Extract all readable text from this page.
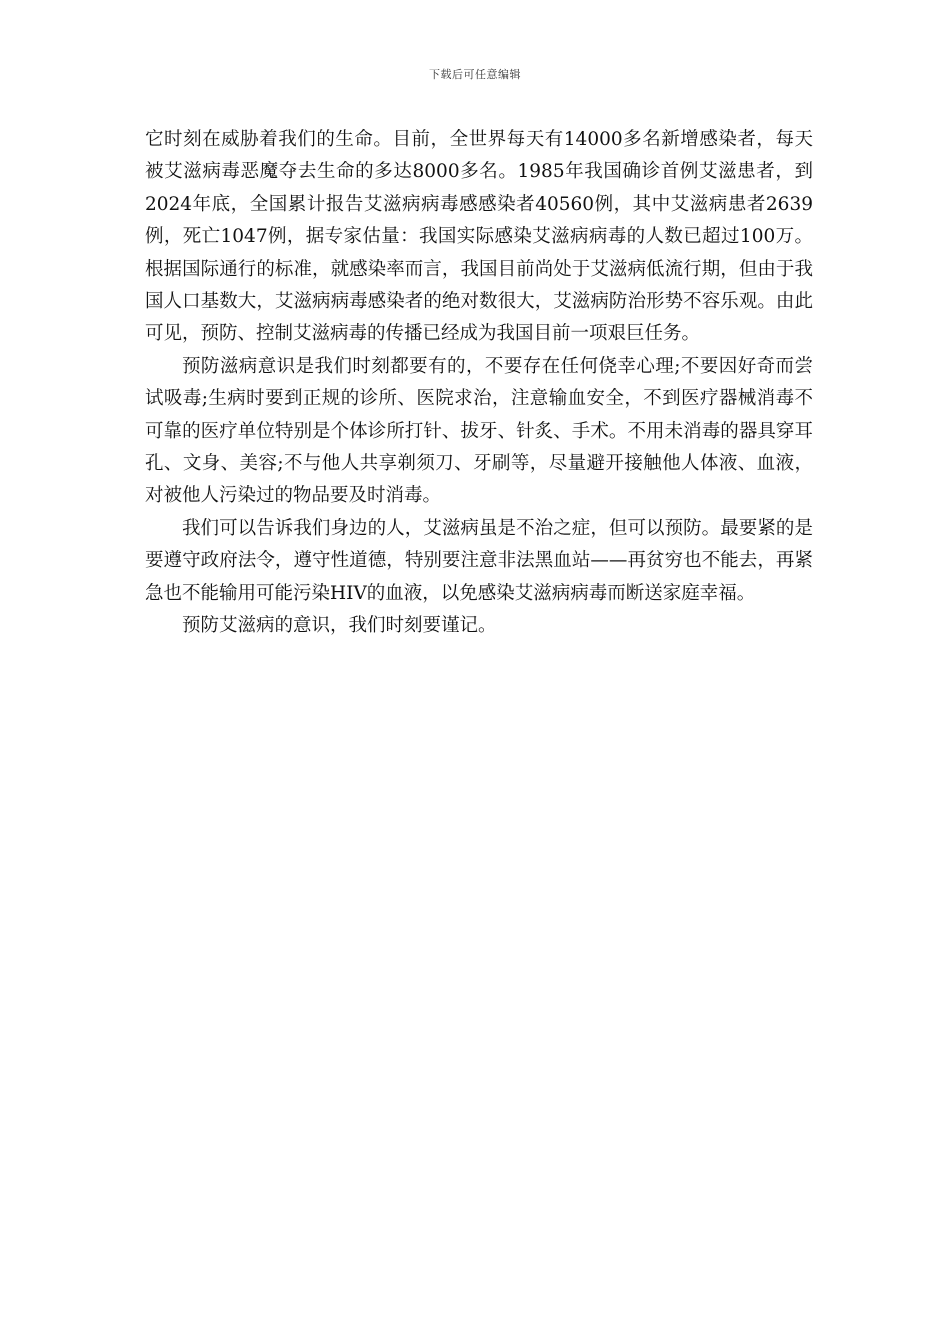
下载后可任意编辑

它时刻在威胁着我们的生命。目前，全世界每天有14000多名新增感染者，每天被艾滋病毒恶魔夺去生命的多达8000多名。1985年我国确诊首例艾滋患者，到2024年底，全国累计报告艾滋病病毒感感染者40560例，其中艾滋病患者2639例，死亡1047例，据专家估量：我国实际感染艾滋病病毒的人数已超过100万。根据国际通行的标准，就感染率而言，我国目前尚处于艾滋病低流行期，但由于我国人口基数大，艾滋病病毒感染者的绝对数很大，艾滋病防治形势不容乐观。由此可见，预防、控制艾滋病毒的传播已经成为我国目前一项艰巨任务。

预防滋病意识是我们时刻都要有的，不要存在任何侥幸心理;不要因好奇而尝试吸毒;生病时要到正规的诊所、医院求治，注意输血安全，不到医疗器械消毒不可靠的医疗单位特别是个体诊所打针、拔牙、针炙、手术。不用未消毒的器具穿耳孔、文身、美容;不与他人共享剃须刀、牙刷等，尽量避开接触他人体液、血液，对被他人污染过的物品要及时消毒。

我们可以告诉我们身边的人，艾滋病虽是不治之症，但可以预防。最要紧的是要遵守政府法令，遵守性道德，特别要注意非法黑血站——再贫穷也不能去，再紧急也不能输用可能污染HIV的血液，以免感染艾滋病病毒而断送家庭幸福。

预防艾滋病的意识，我们时刻要谨记。
